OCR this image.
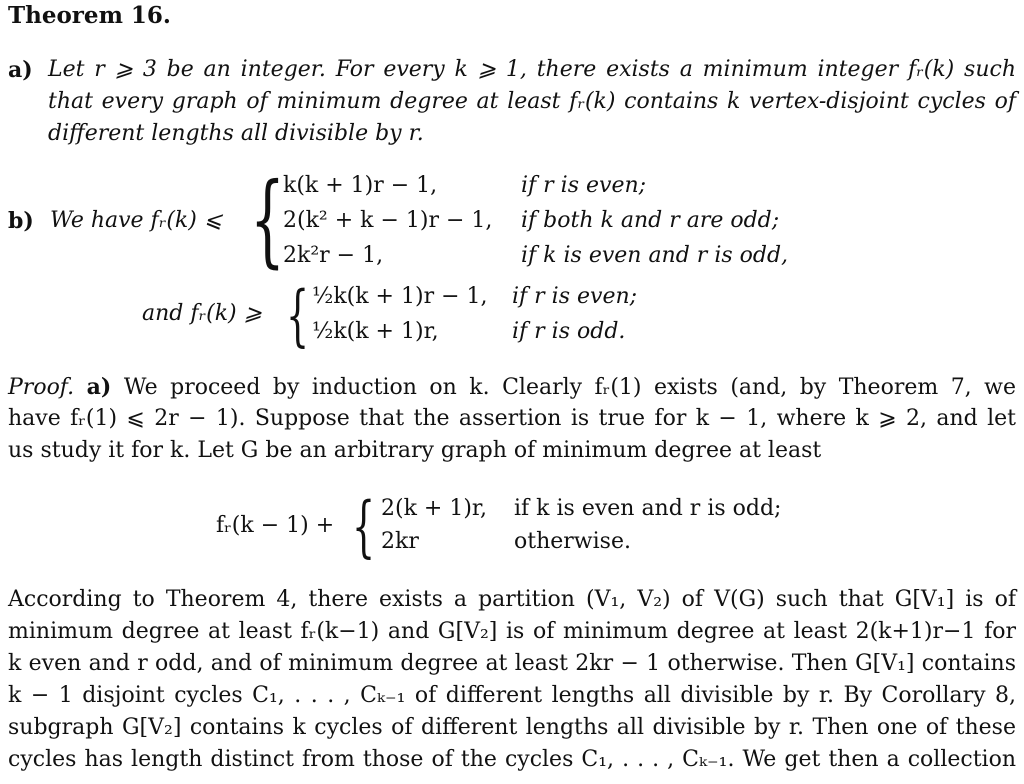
Theorem 16.
a) Let r ⩾ 3 be an integer. For every k ⩾ 1, there exists a minimum integer fᵣ(k) such
that every graph of minimum degree at least fᵣ(k) contains k vertex-disjoint cycles of
different lengths all divisible by r.
b) We have fᵣ(k) ⩽ {
k(k + 1)r − 1,	if r is even;
2(k² + k − 1)r − 1, if both k and r are odd;
2k²r − 1,	if k is even and r is odd,
and fᵣ(k) ⩾ { ½k(k + 1)r − 1, if r is even;
½k(k + 1)r,	if r is odd.
Proof. a) We proceed by induction on k. Clearly fᵣ(1) exists (and, by Theorem 7, we
have fᵣ(1) ⩽ 2r − 1). Suppose that the assertion is true for k − 1, where k ⩾ 2, and let
us study it for k. Let G be an arbitrary graph of minimum degree at least
fᵣ(k − 1) + { 2(k + 1)r, if k is even and r is odd;
2kr	otherwise.
According to Theorem 4, there exists a partition (V₁, V₂) of V(G) such that G[V₁] is of
minimum degree at least fᵣ(k−1) and G[V₂] is of minimum degree at least 2(k+1)r−1 for
k even and r odd, and of minimum degree at least 2kr − 1 otherwise. Then G[V₁] contains
k − 1 disjoint cycles C₁, . . . , Cₖ₋₁ of different lengths all divisible by r. By Corollary 8,
subgraph G[V₂] contains k cycles of different lengths all divisible by r. Then one of these
cycles has length distinct from those of the cycles C₁, . . . , Cₖ₋₁. We get then a collection
